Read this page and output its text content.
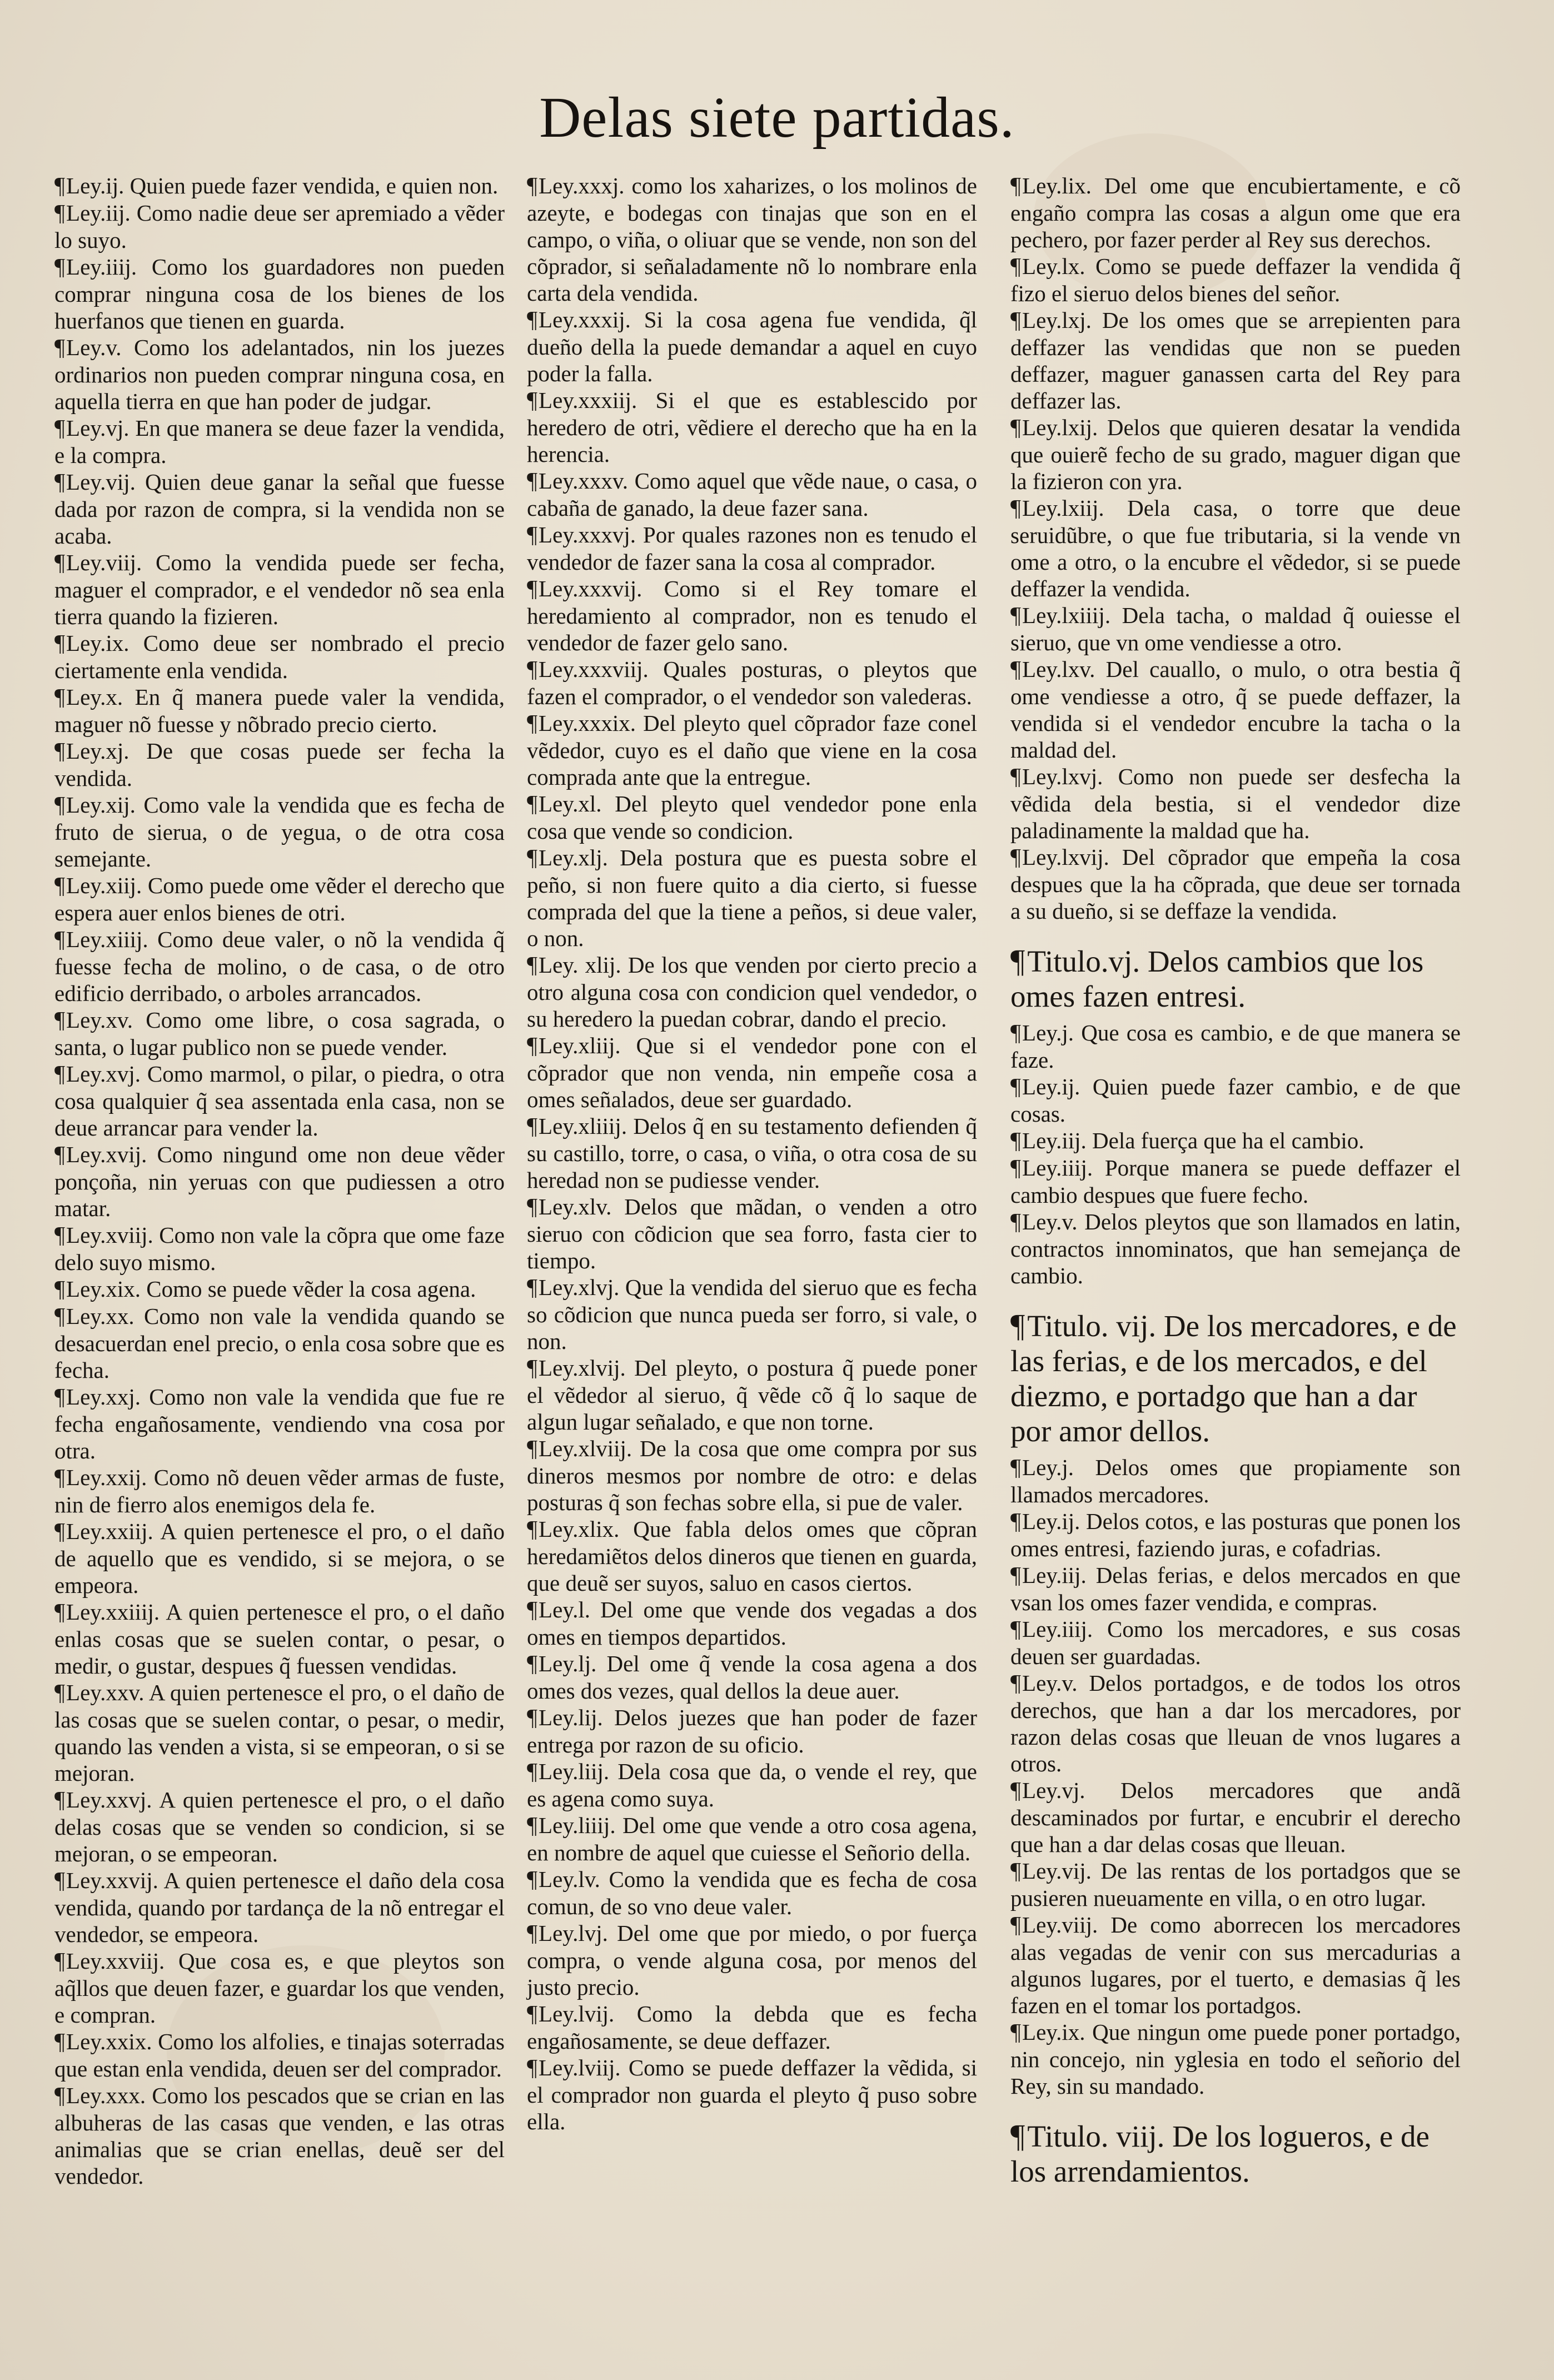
Delas siete partidas.

¶ Ley.ij. Quien puede fazer vendida, e quien non.

¶ Ley.iij. Como nadie deue ser apremiado a vẽder lo suyo.

¶ Ley.iiij. Como los guardadores non pueden comprar ninguna cosa de los bienes de los huerfanos que tienen en guarda.

¶ Ley.v. Como los adelantados, nin los juezes ordinarios non pueden comprar ninguna cosa, en aquella tierra en que han poder de judgar.

¶ Ley.vj. En que manera se deue fazer la vendida, e la compra.

¶ Ley.vij. Quien deue ganar la señal que fuesse dada por razon de compra, si la vendida non se acaba.

¶ Ley.viij. Como la vendida puede ser fecha, maguer el comprador, e el vendedor nõ sea enla tierra quando la fizieren.

¶ Ley.ix. Como deue ser nombrado el precio ciertamente enla vendida.

¶ Ley.x. En q̃ manera puede valer la vendida, maguer nõ fuesse y nõbrado precio cierto.

¶ Ley.xj. De que cosas puede ser fecha la vendida.

¶ Ley.xij. Como vale la vendida que es fecha de fruto de sierua, o de yegua, o de otra cosa semejante.

¶ Ley.xiij. Como puede ome vẽder el derecho que espera auer enlos bienes de otri.

¶ Ley.xiiij. Como deue valer, o nõ la vendida q̃ fuesse fecha de molino, o de casa, o de otro edificio derribado, o arboles arrancados.

¶ Ley.xv. Como ome libre, o cosa sagrada, o santa, o lugar publico non se puede vender.

¶ Ley.xvj. Como marmol, o pilar, o piedra, o otra cosa qualquier q̃ sea assentada enla casa, non se deue arrancar para vender la.

¶ Ley.xvij. Como ningund ome non deue vẽder ponçoña, nin yeruas con que pudiessen a otro matar.

¶ Ley.xviij. Como non vale la cõpra que ome faze delo suyo mismo.

¶ Ley.xix. Como se puede vẽder la cosa agena.

¶ Ley.xx. Como non vale la vendida quando se desacuerdan enel precio, o enla cosa sobre que es fecha.

¶ Ley.xxj. Como non vale la vendida que fue re fecha engañosamente, vendiendo vna cosa por otra.

¶ Ley.xxij. Como nõ deuen vẽder armas de fuste, nin de fierro alos enemigos dela fe.

¶ Ley.xxiij. A quien pertenesce el pro, o el daño de aquello que es vendido, si se mejora, o se empeora.

¶ Ley.xxiiij. A quien pertenesce el pro, o el daño enlas cosas que se suelen contar, o pesar, o medir, o gustar, despues q̃ fuessen vendidas.

¶ Ley.xxv. A quien pertenesce el pro, o el daño de las cosas que se suelen contar, o pesar, o medir, quando las venden a vista, si se empeoran, o si se mejoran.

¶ Ley.xxvj. A quien pertenesce el pro, o el daño delas cosas que se venden so condicion, si se mejoran, o se empeoran.

¶ Ley.xxvij. A quien pertenesce el daño dela cosa vendida, quando por tardança de la nõ entregar el vendedor, se empeora.

¶ Ley.xxviij. Que cosa es, e que pleytos son aq̃llos que deuen fazer, e guardar los que venden, e compran.

¶ Ley.xxix. Como los alfolies, e tinajas soterradas que estan enla vendida, deuen ser del comprador.

¶ Ley.xxx. Como los pescados que se crian en las albuheras de las casas que venden, e las otras animalias que se crian enellas, deuẽ ser del vendedor.

¶ Ley.xxxj. como los xaharizes, o los molinos de azeyte, e bodegas con tinajas que son en el campo, o viña, o oliuar que se vende, non son del cõprador, si señaladamente nõ lo nombrare enla carta dela vendida.

¶ Ley.xxxij. Si la cosa agena fue vendida, q̃l dueño della la puede demandar a aquel en cuyo poder la falla.

¶ Ley.xxxiij. Si el que es establescido por heredero de otri, vẽdiere el derecho que ha en la herencia.

¶ Ley.xxxv. Como aquel que vẽde naue, o casa, o cabaña de ganado, la deue fazer sana.

¶ Ley.xxxvj. Por quales razones non es tenudo el vendedor de fazer sana la cosa al comprador.

¶ Ley.xxxvij. Como si el Rey tomare el heredamiento al comprador, non es tenudo el vendedor de fazer gelo sano.

¶ Ley.xxxviij. Quales posturas, o pleytos que fazen el comprador, o el vendedor son valederas.

¶ Ley.xxxix. Del pleyto quel cõprador faze conel vẽdedor, cuyo es el daño que viene en la cosa comprada ante que la entregue.

¶ Ley.xl. Del pleyto quel vendedor pone enla cosa que vende so condicion.

¶ Ley.xlj. Dela postura que es puesta sobre el peño, si non fuere quito a dia cierto, si fuesse comprada del que la tiene a peños, si deue valer, o non.

¶ Ley. xlij. De los que venden por cierto precio a otro alguna cosa con condicion quel vendedor, o su heredero la puedan cobrar, dando el precio.

¶ Ley.xliij. Que si el vendedor pone con el cõprador que non venda, nin empeñe cosa a omes señalados, deue ser guardado.

¶ Ley.xliiij. Delos q̃ en su testamento defienden q̃ su castillo, torre, o casa, o viña, o otra cosa de su heredad non se pudiesse vender.

¶ Ley.xlv. Delos que mãdan, o venden a otro sieruo con cõdicion que sea forro, fasta cier to tiempo.

¶ Ley.xlvj. Que la vendida del sieruo que es fecha so cõdicion que nunca pueda ser forro, si vale, o non.

¶ Ley.xlvij. Del pleyto, o postura q̃ puede poner el vẽdedor al sieruo, q̃ vẽde cõ q̃ lo saque de algun lugar señalado, e que non torne.

¶ Ley.xlviij. De la cosa que ome compra por sus dineros mesmos por nombre de otro: e delas posturas q̃ son fechas sobre ella, si pue de valer.

¶ Ley.xlix. Que fabla delos omes que cõpran heredamiẽtos delos dineros que tienen en guarda, que deuẽ ser suyos, saluo en casos ciertos.

¶ Ley.l. Del ome que vende dos vegadas a dos omes en tiempos departidos.

¶ Ley.lj. Del ome q̃ vende la cosa agena a dos omes dos vezes, qual dellos la deue auer.

¶ Ley.lij. Delos juezes que han poder de fazer entrega por razon de su oficio.

¶ Ley.liij. Dela cosa que da, o vende el rey, que es agena como suya.

¶ Ley.liiij. Del ome que vende a otro cosa agena, en nombre de aquel que cuiesse el Señorio della.

¶ Ley.lv. Como la vendida que es fecha de cosa comun, de so vno deue valer.

¶ Ley.lvj. Del ome que por miedo, o por fuerça compra, o vende alguna cosa, por menos del justo precio.

¶ Ley.lvij. Como la debda que es fecha engañosamente, se deue deffazer.

¶ Ley.lviij. Como se puede deffazer la vẽdida, si el comprador non guarda el pleyto q̃ puso sobre ella.

¶ Ley.lix. Del ome que encubiertamente, e cõ engaño compra las cosas a algun ome que era pechero, por fazer perder al Rey sus derechos.

¶ Ley.lx. Como se puede deffazer la vendida q̃ fizo el sieruo delos bienes del señor.

¶ Ley.lxj. De los omes que se arrepienten para deffazer las vendidas que non se pueden deffazer, maguer ganassen carta del Rey para deffazer las.

¶ Ley.lxij. Delos que quieren desatar la vendida que ouierẽ fecho de su grado, maguer digan que la fizieron con yra.

¶ Ley.lxiij. Dela casa, o torre que deue seruidũbre, o que fue tributaria, si la vende vn ome a otro, o la encubre el vẽdedor, si se puede deffazer la vendida.

¶ Ley.lxiiij. Dela tacha, o maldad q̃ ouiesse el sieruo, que vn ome vendiesse a otro.

¶ Ley.lxv. Del cauallo, o mulo, o otra bestia q̃ ome vendiesse a otro, q̃ se puede deffazer, la vendida si el vendedor encubre la tacha o la maldad del.

¶ Ley.lxvj. Como non puede ser desfecha la vẽdida dela bestia, si el vendedor dize paladinamente la maldad que ha.

¶ Ley.lxvij. Del cõprador que empeña la cosa despues que la ha cõprada, que deue ser tornada a su dueño, si se deffaze la vendida.

¶ Titulo.vj. Delos cambios que los omes fazen entresi.

¶ Ley.j. Que cosa es cambio, e de que manera se faze.

¶ Ley.ij. Quien puede fazer cambio, e de que cosas.

¶ Ley.iij. Dela fuerça que ha el cambio.

¶ Ley.iiij. Porque manera se puede deffazer el cambio despues que fuere fecho.

¶ Ley.v. Delos pleytos que son llamados en latin, contractos innominatos, que han semejança de cambio.

¶ Titulo. vij. De los mercadores, e de las ferias, e de los mercados, e del diezmo, e portadgo que han a dar por amor dellos.

¶ Ley.j. Delos omes que propiamente son llamados mercadores.

¶ Ley.ij. Delos cotos, e las posturas que ponen los omes entresi, faziendo juras, e cofadrias.

¶ Ley.iij. Delas ferias, e delos mercados en que vsan los omes fazer vendida, e compras.

¶ Ley.iiij. Como los mercadores, e sus cosas deuen ser guardadas.

¶ Ley.v. Delos portadgos, e de todos los otros derechos, que han a dar los mercadores, por razon delas cosas que lleuan de vnos lugares a otros.

¶ Ley.vj. Delos mercadores que andã descaminados por furtar, e encubrir el derecho que han a dar delas cosas que lleuan.

¶ Ley.vij. De las rentas de los portadgos que se pusieren nueuamente en villa, o en otro lugar.

¶ Ley.viij. De como aborrecen los mercadores alas vegadas de venir con sus mercadurias a algunos lugares, por el tuerto, e demasias q̃ les fazen en el tomar los portadgos.

¶ Ley.ix. Que ningun ome puede poner portadgo, nin concejo, nin yglesia en todo el señorio del Rey, sin su mandado.

¶ Titulo. viij. De los logueros, e de los arrendamientos.
